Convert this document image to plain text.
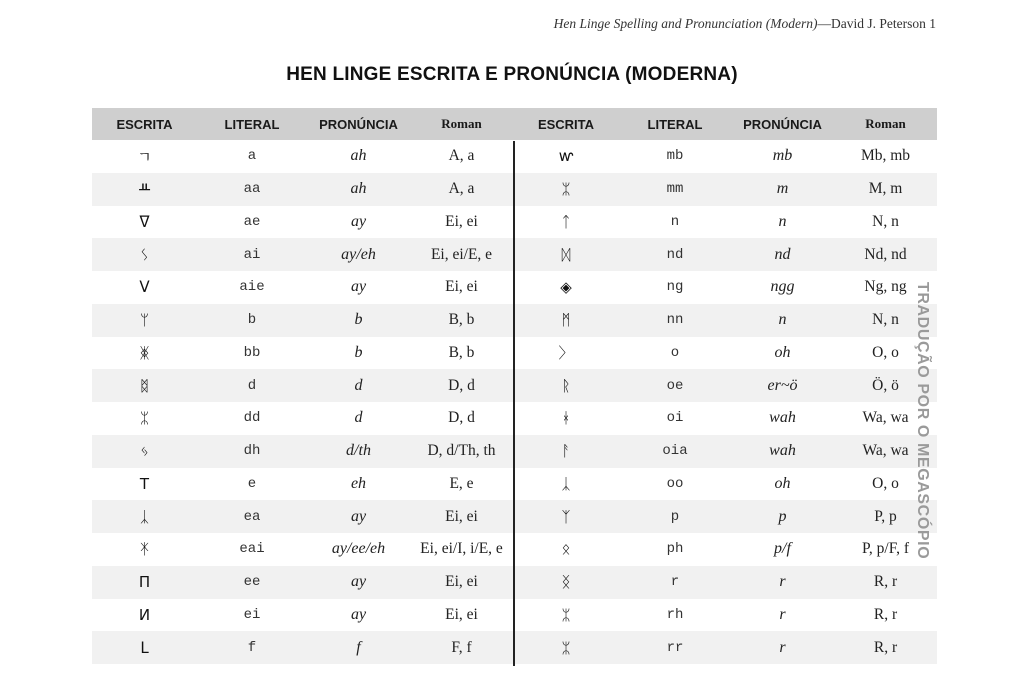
Hen Linge Spelling and Pronunciation (Modern)—David J. Peterson 1
HEN LINGE ESCRITA E PRONÚNCIA (MODERNA)
ESCRITA	LITERAL	PRONÚNCIA	Roman	ESCRITA	LITERAL	PRONÚNCIA	Roman
ㄱ	a	ah	A, a	ⱳ	mb	mb	Mb, mb
ᚇ	aa	ah	A, a	ᛯ	mm	m	M, m
ᐁ	ae	ay	Ei, ei	ᛏ	n	n	N, n
ᛊ	ai	ay/eh	Ei, ei/E, e	ᛞ	nd	nd	Nd, nd
ᐯ	aie	ay	Ei, ei	◈	ng	ngg	Ng, ng
ᛘ	b	b	B, b	ᛗ	nn	n	N, n
ᛤ	bb	b	B, b	〉	o	oh	O, o
ᛥ	d	d	D, d	ᚱ	oe	er~ö	Ö, ö
ᛯ	dd	d	D, d	ᚼ	oi	wah	Wa, wa
ᛃ	dh	d/th	D, d/Th, th	ᚨ	oia	wah	Wa, wa
T	e	eh	E, e	ᛣ	oo	oh	O, o
ᛣ	ea	ay	Ei, ei	ᛉ	p	p	P, p
ᛡ	eai	ay/ee/eh	Ei, ei/I, i/E, e	ᛟ	ph	p/f	P, p/F, f
Π	ee	ay	Ei, ei	ᛝ	r	r	R, r
И	ei	ay	Ei, ei	ᛯ	rh	r	R, r
ᒪ	f	f	F, f	ᛯ	rr	r	R, r
TRADUÇÃO POR O MEGASCÓPIO
